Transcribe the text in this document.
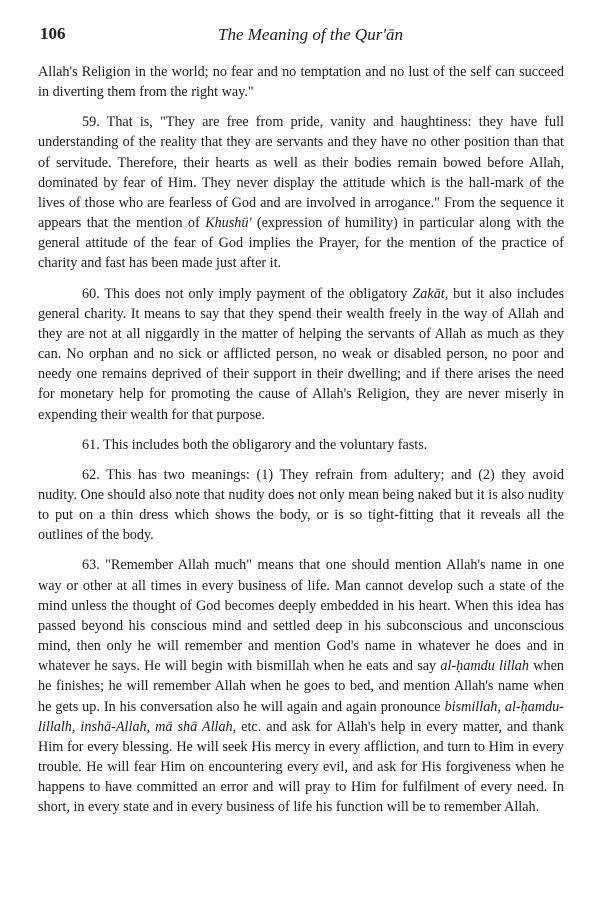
106	The Meaning of the Qur'ān

Allah's Religion in the world; no fear and no temptation and no lust of the self can succeed in diverting them from the right way."

59. That is, "They are free from pride, vanity and haughtiness: they have full understanding of the reality that they are servants and they have no other position than that of servitude. Therefore, their hearts as well as their bodies remain bowed before Allah, dominated by fear of Him. They never display the attitude which is the hall-mark of the lives of those who are fearless of God and are involved in arrogance." From the sequence it appears that the mention of Khushū' (expression of humility) in particular along with the general attitude of the fear of God implies the Prayer, for the mention of the practice of charity and fast has been made just after it.

60. This does not only imply payment of the obligatory Zakāt, but it also includes general charity. It means to say that they spend their wealth freely in the way of Allah and they are not at all niggardly in the matter of helping the servants of Allah as much as they can. No orphan and no sick or afflicted person, no weak or disabled person, no poor and needy one remains deprived of their support in their dwelling; and if there arises the need for monetary help for promoting the cause of Allah's Religion, they are never miserly in expending their wealth for that purpose.

61. This includes both the obligarory and the voluntary fasts.

62. This has two meanings: (1) They refrain from adultery; and (2) they avoid nudity. One should also note that nudity does not only mean being naked but it is also nudity to put on a thin dress which shows the body, or is so tight-fitting that it reveals all the outlines of the body.

63. "Remember Allah much" means that one should mention Allah's name in one way or other at all times in every business of life. Man cannot develop such a state of the mind unless the thought of God becomes deeply embedded in his heart. When this idea has passed beyond his conscious mind and settled deep in his subconscious and unconscious mind, then only he will remember and mention God's name in whatever he does and in whatever he says. He will begin with bismillah when he eats and say al-ḥamdu lillah when he finishes; he will remember Allah when he goes to bed, and mention Allah's name when he gets up. In his conversation also he will again and again pronounce bismillah, al-ḥamdu-lillalh, inshā-Allah, mā shā Allah, etc. and ask for Allah's help in every matter, and thank Him for every blessing. He will seek His mercy in every affliction, and turn to Him in every trouble. He will fear Him on encountering every evil, and ask for His forgiveness when he happens to have committed an error and will pray to Him for fulfilment of every need. In short, in every state and in every business of life his function will be to remember Allah.
